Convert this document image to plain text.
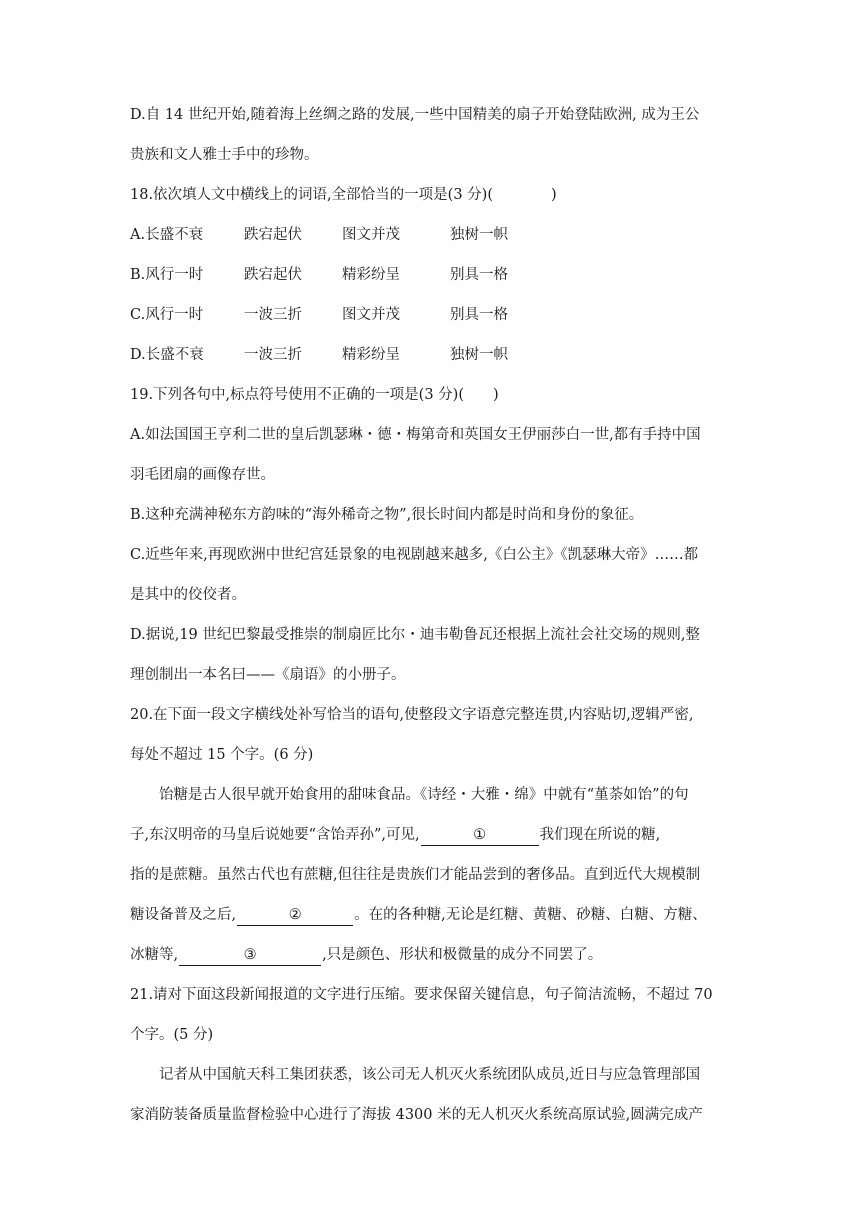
D.自 14 世纪开始,随着海上丝绸之路的发展,一些中国精美的扇子开始登陆欧洲, 成为王公
贵族和文人雅士手中的珍物。
18.依次填人文中横线上的词语,全部恰当的一项是(3 分)(　　　　)
A.长盛不衰	跌宕起伏	图文并茂	独树一帜
B.风行一时	跌宕起伏	精彩纷呈	别具一格
C.风行一时	一波三折	图文并茂	别具一格
D.长盛不衰	一波三折	精彩纷呈	独树一帜
19.下列各句中,标点符号使用不正确的一项是(3 分)(　　)
A.如法国国王亨利二世的皇后凯瑟琳・德・梅第奇和英国女王伊丽莎白一世,都有手持中国
羽毛团扇的画像存世。
B.这种充满神秘东方韵味的“海外稀奇之物”,很长时间内都是时尚和身份的象征。
C.近些年来,再现欧洲中世纪宫廷景象的电视剧越来越多,《白公主》《凯瑟琳大帝》……都
是其中的佼佼者。
D.据说,19 世纪巴黎最受推崇的制扇匠比尔・迪韦勒鲁瓦还根据上流社会社交场的规则,整
理创制出一本名曰——《扇语》的小册子。
20.在下面一段文字横线处补写恰当的语句,使整段文字语意完整连贯,内容贴切,逻辑严密,
每处不超过 15 个字。(6 分)
饴糖是古人很早就开始食用的甜味食品。《诗经・大雅・绵》中就有“堇荼如饴”的句
子,东汉明帝的马皇后说她要“含饴弄孙”,可见,	①	我们现在所说的糖,
指的是蔗糖。虽然古代也有蔗糖,但往往是贵族们才能品尝到的奢侈品。直到近代大规模制
糖设备普及之后,	②	。在的各种糖,无论是红糖、黄糖、砂糖、白糖、方糖、
冰糖等,	③	,只是颜色、形状和极微量的成分不同罢了。
21.请对下面这段新闻报道的文字进行压缩。要求保留关键信息，句子简洁流畅，不超过 70
个字。(5 分)
记者从中国航天科工集团获悉，该公司无人机灭火系统团队成员,近日与应急管理部国
家消防装备质量监督检验中心进行了海拔 4300 米的无人机灭火系统高原试验,圆满完成产
